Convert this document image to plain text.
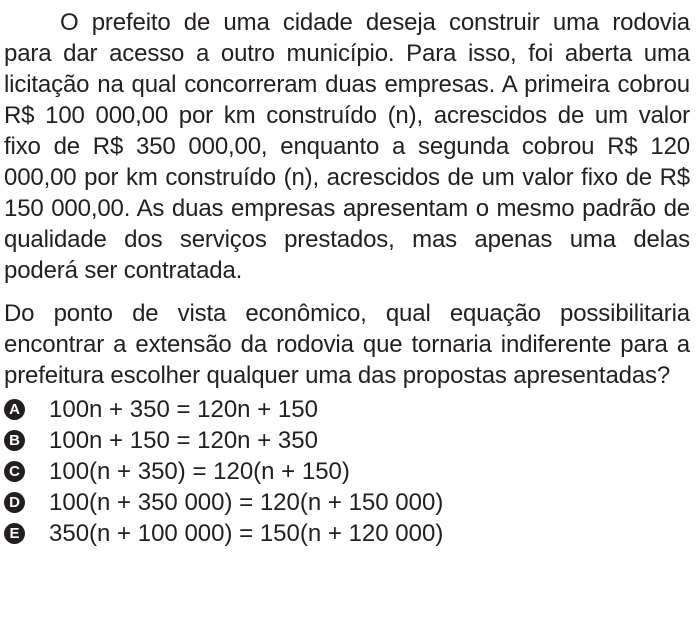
O prefeito de uma cidade deseja construir uma rodovia para dar acesso a outro município. Para isso, foi aberta uma licitação na qual concorreram duas empresas. A primeira cobrou R$ 100 000,00 por km construído (n), acrescidos de um valor fixo de R$ 350 000,00, enquanto a segunda cobrou R$ 120 000,00 por km construído (n), acrescidos de um valor fixo de R$ 150 000,00. As duas empresas apresentam o mesmo padrão de qualidade dos serviços prestados, mas apenas uma delas poderá ser contratada.

Do ponto de vista econômico, qual equação possibilitaria encontrar a extensão da rodovia que tornaria indiferente para a prefeitura escolher qualquer uma das propostas apresentadas?

A 100n + 350 = 120n + 150
B 100n + 150 = 120n + 350
C 100(n + 350) = 120(n + 150)
D 100(n + 350 000) = 120(n + 150 000)
E 350(n + 100 000) = 150(n + 120 000)
